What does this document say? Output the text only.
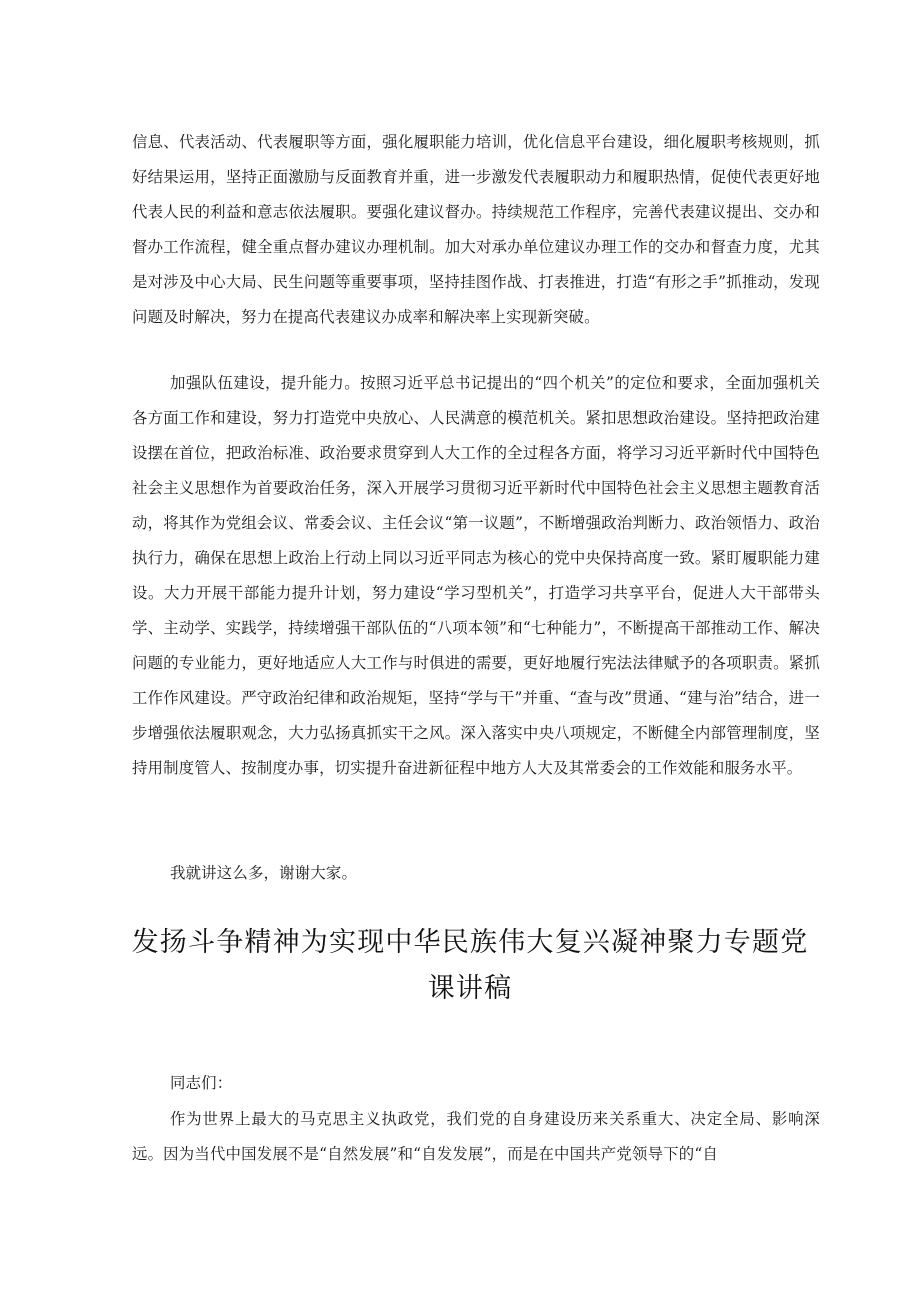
信息、代表活动、代表履职等方面，强化履职能力培训，优化信息平台建设，细化履职考核规则，抓好结果运用，坚持正面激励与反面教育并重，进一步激发代表履职动力和履职热情，促使代表更好地代表人民的利益和意志依法履职。要强化建议督办。持续规范工作程序，完善代表建议提出、交办和督办工作流程，健全重点督办建议办理机制。加大对承办单位建议办理工作的交办和督查力度，尤其是对涉及中心大局、民生问题等重要事项，坚持挂图作战、打表推进，打造“有形之手”抓推动，发现问题及时解决，努力在提高代表建议办成率和解决率上实现新突破。

加强队伍建设，提升能力。按照习近平总书记提出的“四个机关”的定位和要求，全面加强机关各方面工作和建设，努力打造党中央放心、人民满意的模范机关。紧扣思想政治建设。坚持把政治建设摆在首位，把政治标准、政治要求贯穿到人大工作的全过程各方面，将学习习近平新时代中国特色社会主义思想作为首要政治任务，深入开展学习贯彻习近平新时代中国特色社会主义思想主题教育活动，将其作为党组会议、常委会议、主任会议“第一议题”，不断增强政治判断力、政治领悟力、政治执行力，确保在思想上政治上行动上同以习近平同志为核心的党中央保持高度一致。紧盯履职能力建设。大力开展干部能力提升计划，努力建设“学习型机关”，打造学习共享平台，促进人大干部带头学、主动学、实践学，持续增强干部队伍的“八项本领”和“七种能力”，不断提高干部推动工作、解决问题的专业能力，更好地适应人大工作与时俱进的需要，更好地履行宪法法律赋予的各项职责。紧抓工作作风建设。严守政治纪律和政治规矩，坚持“学与干”并重、“查与改”贯通、“建与治”结合，进一步增强依法履职观念，大力弘扬真抓实干之风。深入落实中央八项规定，不断健全内部管理制度，坚持用制度管人、按制度办事，切实提升奋进新征程中地方人大及其常委会的工作效能和服务水平。

我就讲这么多，谢谢大家。

发扬斗争精神为实现中华民族伟大复兴凝神聚力专题党课讲稿

同志们：

作为世界上最大的马克思主义执政党，我们党的自身建设历来关系重大、决定全局、影响深远。因为当代中国发展不是“自然发展”和“自发发展”，而是在中国共产党领导下的“自
